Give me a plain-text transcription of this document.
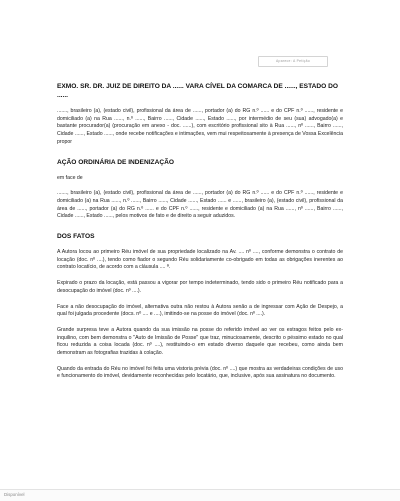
Aparece: A Petição

EXMO. SR. DR. JUIZ DE DIREITO DA ...... VARA CÍVEL DA COMARCA DE ......, ESTADO DO ......

......., brasileiro (a), (estado civil), profissional da área de ......, portador (a) do RG n.º ...... e do CPF n.º ......, residente e domiciliado (a) na Rua ......, n.º ......, Bairro ......, Cidade ......, Estado ......, por intermédio de seu (sua) advogado(a) e bastante procurador(a) (procuração em anexo - doc. ......), com escritório profissional sito à Rua ......, nº ......, Bairro ......, Cidade ......, Estado ......, onde recebe notificações e intimações, vem mui respeitosamente à presença de Vossa Excelência propor

AÇÃO ORDINÁRIA DE INDENIZAÇÃO

em face de

......., brasileiro (a), (estado civil), profissional da área de ......, portador (a) do RG n.º ...... e do CPF n.º ......, residente e domiciliado (a) na Rua ......, n.º ......, Bairro ......, Cidade ......, Estado ...... e ......, brasileiro (a), (estado civil), profissional da área de ......, portador (a) do RG n.º ...... e do CPF n.º ......, residente e domiciliado (a) na Rua ......, nº ......, Bairro ......, Cidade ......, Estado ......, pelos motivos de fato e de direito a seguir aduzidos.

DOS FATOS

A Autora locou ao primeiro Réu imóvel de sua propriedade localizado na Av. .... nº ...., conforme demonstra o contrato de locação (doc. nº ....), tendo como fiador o segundo Réu solidariamente co-obrigado em todas as obrigações inerentes ao contrato locatício, de acordo com a cláusula .... ª.

Expirado o prazo da locação, está passou a vigorar por tempo indeterminado, tendo sido o primeiro Réu notificado para a desocupação do imóvel (doc. nº ....).

Face a não desocupação do imóvel, alternativa outra não restou à Autora senão a de ingressar com Ação de Despejo, a qual foi julgada procedente (docs. nº .... e ....), imitindo-se na posse do imóvel (doc. nº ....).

Grande surpresa teve a Autora quando da sua imissão na posse do referido imóvel ao ver os estragos feitos pelo ex-inquilino, com bem demonstra o "Auto de Imissão de Posse" que traz, minuciosamente, descrito o péssimo estado no qual ficou reduzida a coisa locada (doc. nº ....), restituindo-o em estado diverso daquele que recebeu, como ainda bem demonstram as fotografias trazidas à colação.

Quando da entrada do Réu no imóvel foi feita uma vistoria prévia (doc. nº ....) que mostra as verdadeiras condições de uso e funcionamento do imóvel, devidamente reconhecidas pelo locatário, que, inclusive, após sua assinatura no documento.

Disponível
